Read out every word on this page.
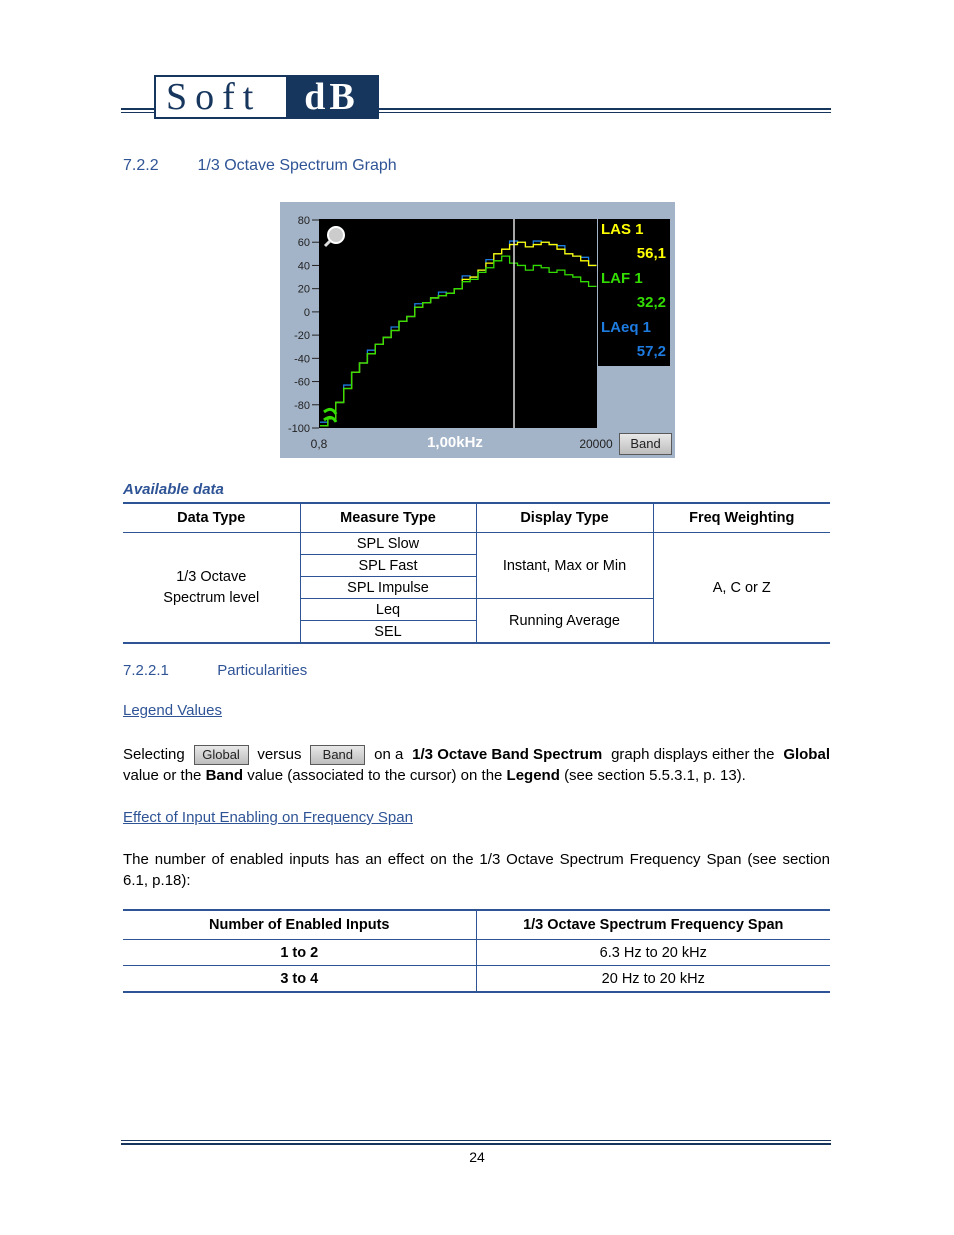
Soft	dB
7.2.2 1/3 Octave Spectrum Graph
80
60
40
20
0
-20
-40
-60
-80
-100
LAS 1
56,1
LAF 1
32,2
LAeq 1
57,2
0,8	1,00kHz	20000	Band
Available data
Data Type	Measure Type	Display Type	Freq Weighting
1/3 Octave Spectrum level	SPL Slow	Instant, Max or Min	A, C or Z
	SPL Fast		
	SPL Impulse		
	Leq	Running Average	
	SEL		
7.2.2.1	Particularities
Legend Values
Selecting	Global	versus	Band	on a 1/3 Octave Band Spectrum graph displays either the Global
value or the Band value (associated to the cursor) on the Legend (see section 5.5.3.1, p. 13).
Effect of Input Enabling on Frequency Span
The number of enabled inputs has an effect on the 1/3 Octave Spectrum Frequency Span (see section 6.1, p.18):
Number of Enabled Inputs	1/3 Octave Spectrum Frequency Span
1 to 2	6.3 Hz to 20 kHz
3 to 4	20 Hz to 20 kHz
24
